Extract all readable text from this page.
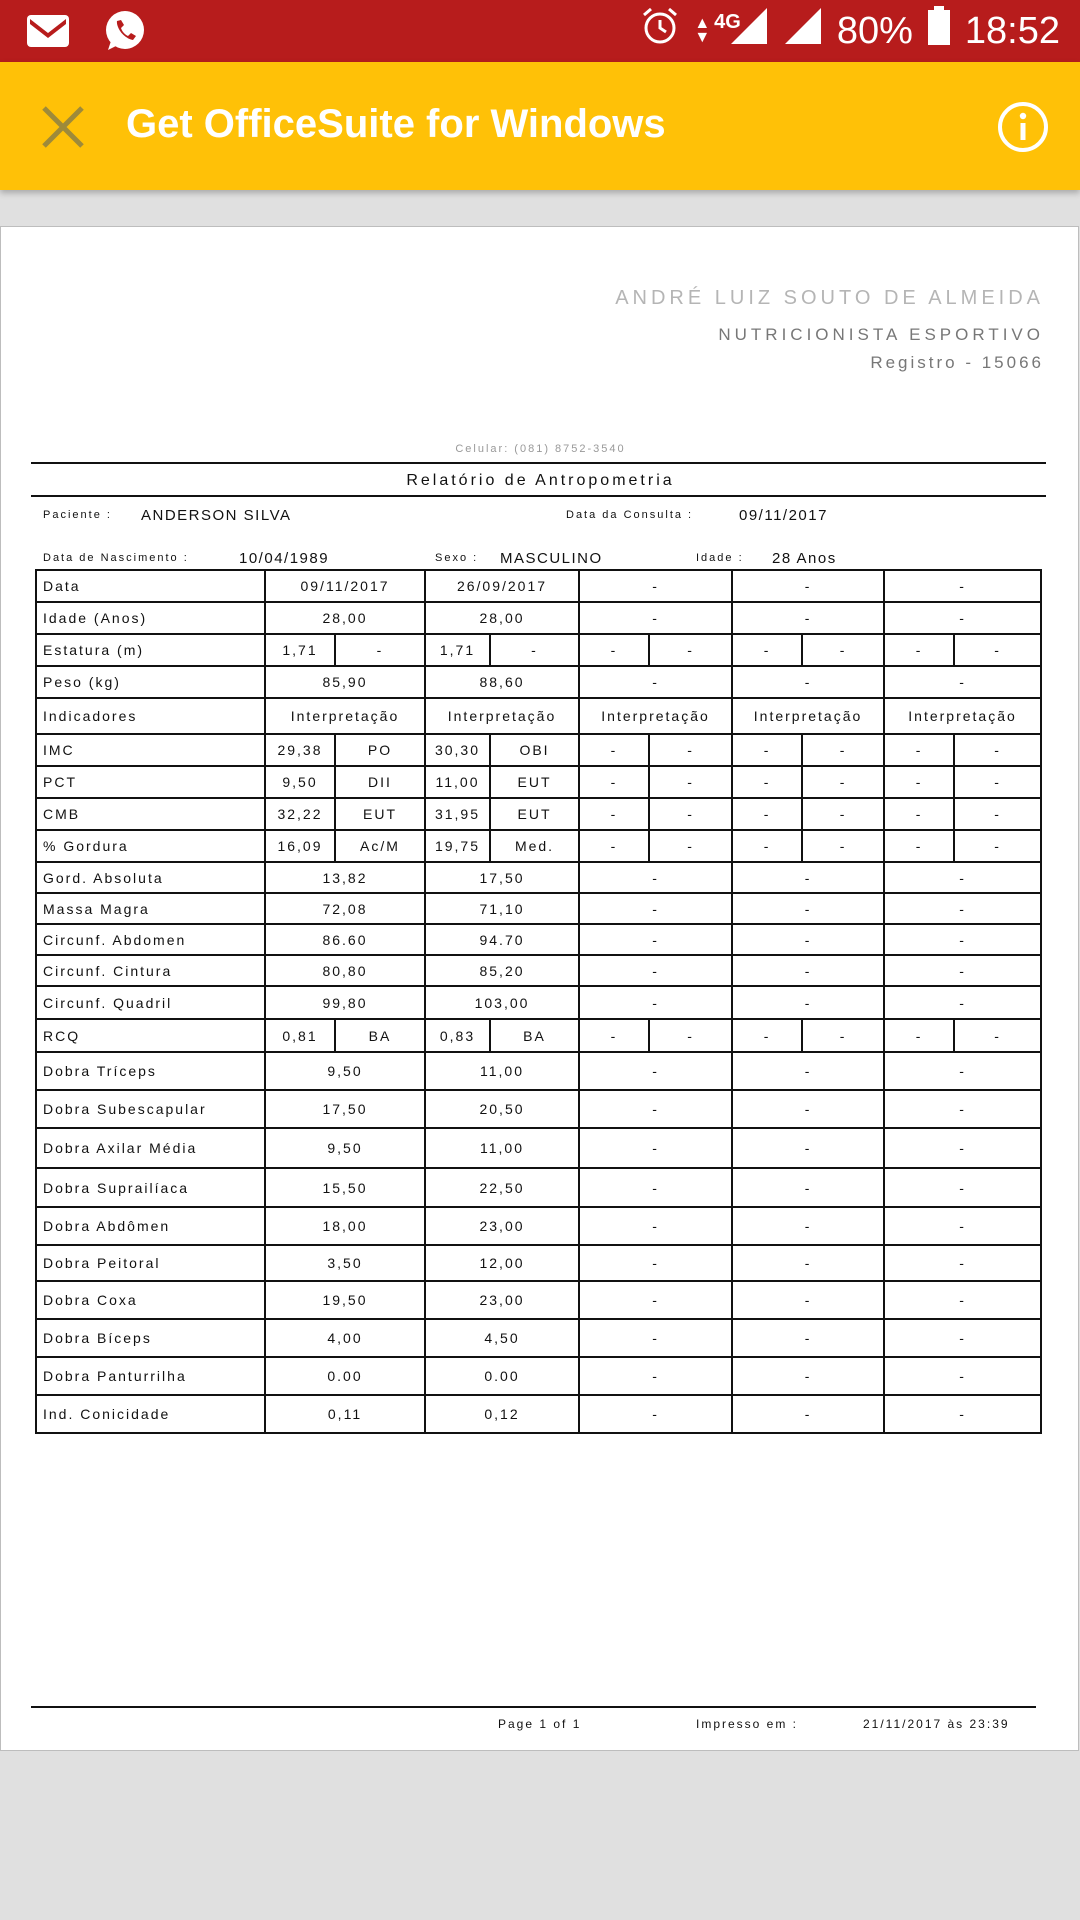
▲
▼
4G	80% 18:52
Get OfficeSuite for Windows
ANDRÉ LUIZ SOUTO DE ALMEIDA
NUTRICIONISTA ESPORTIVO
Registro - 15066
Celular: (081) 8752-3540
Relatório de Antropometria
Paciente : ANDERSON SILVA	Data da Consulta :	09/11/2017
Data de Nascimento :	10/04/1989	Sexo : MASCULINO	Idade : 28 Anos
Data	09/11/2017		26/09/2017		-		-		-	
Idade (Anos)	28,00		28,00		-		-		-	
Estatura (m)	1,71	-	1,71	-	-	-	-	-	-	-
Peso (kg)	85,90		88,60		-		-		-	
Indicadores	Interpretação		Interpretação		Interpretação		Interpretação		Interpretação	
IMC	29,38	PO	30,30	OBI	-	-	-	-	-	-
PCT	9,50	DII	11,00	EUT	-	-	-	-	-	-
CMB	32,22	EUT	31,95	EUT	-	-	-	-	-	-
% Gordura	16,09	Ac/M	19,75	Med.	-	-	-	-	-	-
Gord. Absoluta	13,82		17,50		-		-		-	
Massa Magra	72,08		71,10		-		-		-	
Circunf. Abdomen	86.60		94.70		-		-		-	
Circunf. Cintura	80,80		85,20		-		-		-	
Circunf. Quadril	99,80		103,00		-		-		-	
RCQ	0,81	BA	0,83	BA	-	-	-	-	-	-
Dobra Tríceps	9,50		11,00		-		-		-	
Dobra Subescapular	17,50		20,50		-		-		-	
Dobra Axilar Média	9,50		11,00		-		-		-	
Dobra Suprailíaca	15,50		22,50		-		-		-	
Dobra Abdômen	18,00		23,00		-		-		-	
Dobra Peitoral	3,50		12,00		-		-		-	
Dobra Coxa	19,50		23,00		-		-		-	
Dobra Bíceps	4,00		4,50		-		-		-	
Dobra Panturrilha	0.00		0.00		-		-		-	
Ind. Conicidade	0,11		0,12		-		-		-	
Page 1 of 1	Impresso em :	21/11/2017 às 23:39
